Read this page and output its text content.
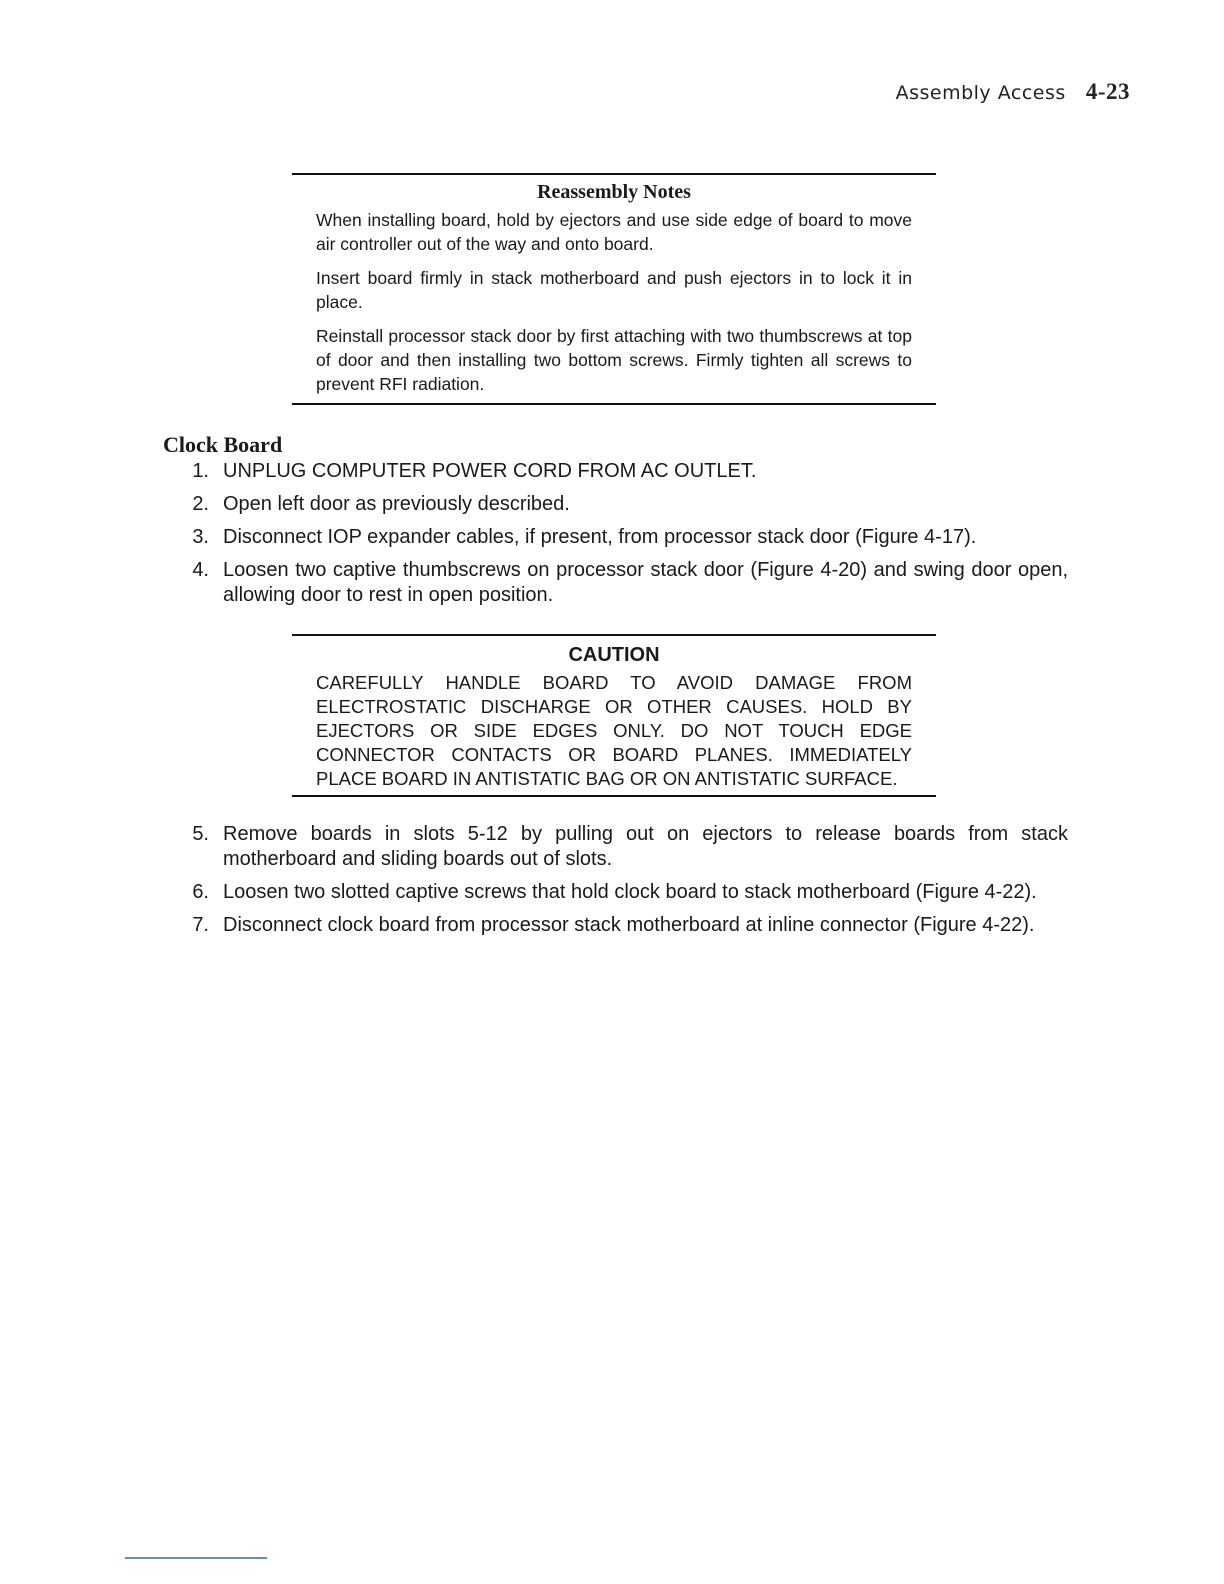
Assembly Access 4-23
Reassembly Notes

When installing board, hold by ejectors and use side edge of board to move air controller out of the way and onto board.

Insert board firmly in stack motherboard and push ejectors in to lock it in place.

Reinstall processor stack door by first attaching with two thumbscrews at top of door and then installing two bottom screws. Firmly tighten all screws to prevent RFI radiation.

Clock Board
1. UNPLUG COMPUTER POWER CORD FROM AC OUTLET.
2. Open left door as previously described.
3. Disconnect IOP expander cables, if present, from processor stack door (Figure 4-17).
4. Loosen two captive thumbscrews on processor stack door (Figure 4-20) and swing door open, allowing door to rest in open position.
CAUTION

CAREFULLY HANDLE BOARD TO AVOID DAMAGE FROM ELECTROSTATIC DISCHARGE OR OTHER CAUSES. HOLD BY EJECTORS OR SIDE EDGES ONLY. DO NOT TOUCH EDGE CONNECTOR CONTACTS OR BOARD PLANES. IMMEDIATELY PLACE BOARD IN ANTISTATIC BAG OR ON ANTISTATIC SURFACE.

5. Remove boards in slots 5-12 by pulling out on ejectors to release boards from stack motherboard and sliding boards out of slots.
6. Loosen two slotted captive screws that hold clock board to stack motherboard (Figure 4-22).
7. Disconnect clock board from processor stack motherboard at inline connector (Figure 4-22).
